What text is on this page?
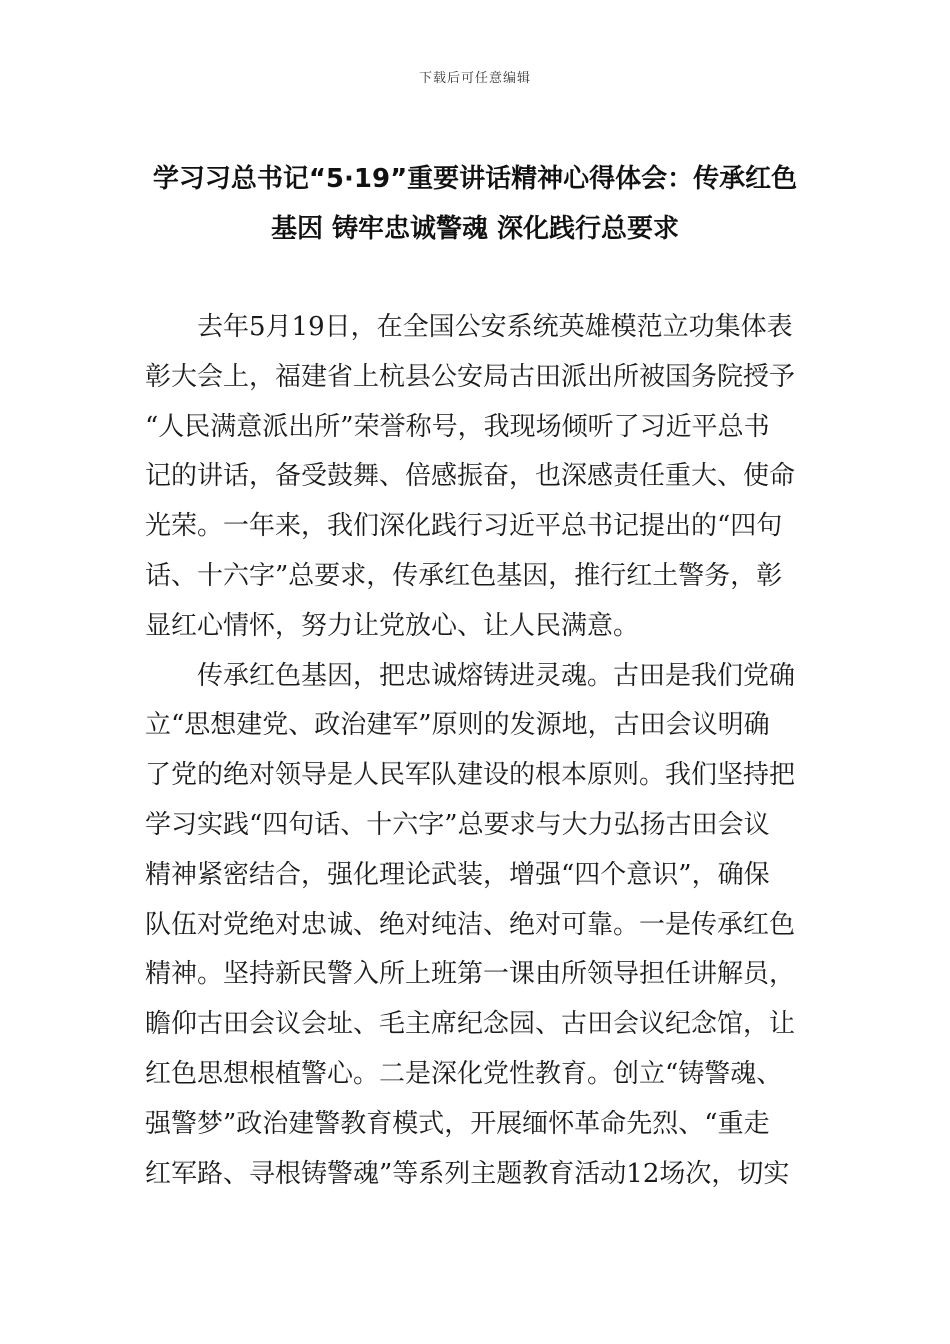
下载后可任意编辑
学习习总书记“5·19”重要讲话精神心得体会：传承红色
基因 铸牢忠诚警魂 深化践行总要求
去年5月19日，在全国公安系统英雄模范立功集体表
彰大会上，福建省上杭县公安局古田派出所被国务院授予
“人民满意派出所”荣誉称号，我现场倾听了习近平总书
记的讲话，备受鼓舞、倍感振奋，也深感责任重大、使命
光荣。一年来，我们深化践行习近平总书记提出的“四句
话、十六字”总要求，传承红色基因，推行红土警务，彰
显红心情怀，努力让党放心、让人民满意。
传承红色基因，把忠诚熔铸进灵魂。古田是我们党确
立“思想建党、政治建军”原则的发源地，古田会议明确
了党的绝对领导是人民军队建设的根本原则。我们坚持把
学习实践“四句话、十六字”总要求与大力弘扬古田会议
精神紧密结合，强化理论武装，增强“四个意识”，确保
队伍对党绝对忠诚、绝对纯洁、绝对可靠。一是传承红色
精神。坚持新民警入所上班第一课由所领导担任讲解员，
瞻仰古田会议会址、毛主席纪念园、古田会议纪念馆，让
红色思想根植警心。二是深化党性教育。创立“铸警魂、
强警梦”政治建警教育模式，开展缅怀革命先烈、“重走
红军路、寻根铸警魂”等系列主题教育活动12场次，切实
